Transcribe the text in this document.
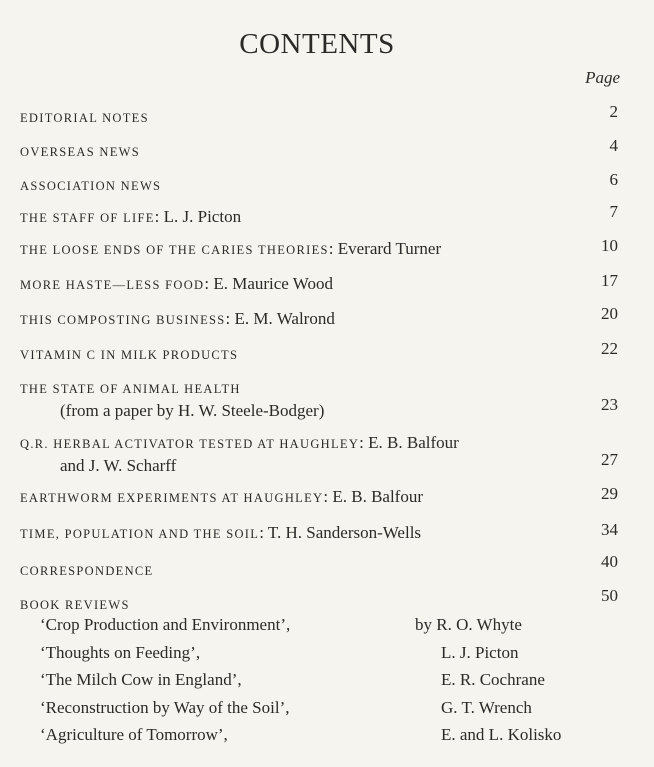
CONTENTS
Page
EDITORIAL NOTES	2
OVERSEAS NEWS	4
ASSOCIATION NEWS	6
THE STAFF OF LIFE: L. J. Picton	7
THE LOOSE ENDS OF THE CARIES THEORIES: Everard Turner	10
MORE HASTE—LESS FOOD: E. Maurice Wood	17
THIS COMPOSTING BUSINESS: E. M. Walrond	20
VITAMIN C IN MILK PRODUCTS	22
THE STATE OF ANIMAL HEALTH
(from a paper by H. W. Steele-Bodger)	23
Q.R. HERBAL ACTIVATOR TESTED AT HAUGHLEY: E. B. Balfour
and J. W. Scharff	27
EARTHWORM EXPERIMENTS AT HAUGHLEY: E. B. Balfour	29
TIME, POPULATION AND THE SOIL: T. H. Sanderson-Wells	34
CORRESPONDENCE	40
BOOK REVIEWS	50
‘Crop Production and Environment’,	by R. O. Whyte
‘Thoughts on Feeding’,	L. J. Picton
‘The Milch Cow in England’,	E. R. Cochrane
‘Reconstruction by Way of the Soil’,	G. T. Wrench
‘Agriculture of Tomorrow’,	E. and L. Kolisko
